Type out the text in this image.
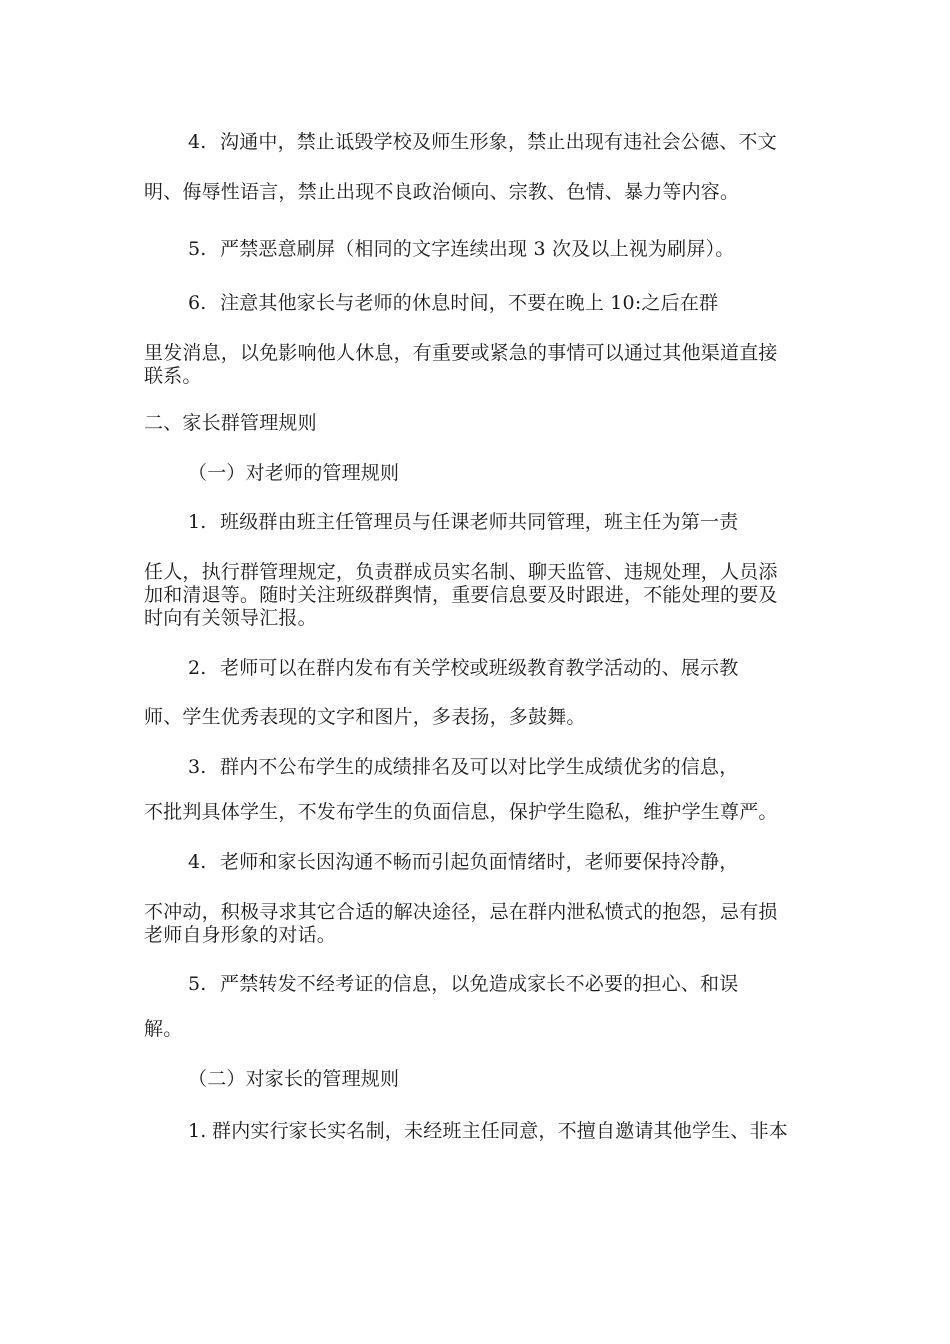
4. 沟通中，禁止诋毁学校及师生形象，禁止出现有违社会公德、不文
明、侮辱性语言，禁止出现不良政治倾向、宗教、色情、暴力等内容。
5. 严禁恶意刷屏（相同的文字连续出现 3 次及以上视为刷屏）。
6. 注意其他家长与老师的休息时间，不要在晚上 10:之后在群
里发消息，以免影响他人休息，有重要或紧急的事情可以通过其他渠道直接
联系。
二、家长群管理规则
（一）对老师的管理规则
1. 班级群由班主任管理员与任课老师共同管理，班主任为第一责
任人，执行群管理规定，负责群成员实名制、聊天监管、违规处理，人员添
加和清退等。随时关注班级群舆情，重要信息要及时跟进，不能处理的要及
时向有关领导汇报。
2. 老师可以在群内发布有关学校或班级教育教学活动的、展示教
师、学生优秀表现的文字和图片，多表扬，多鼓舞。
3. 群内不公布学生的成绩排名及可以对比学生成绩优劣的信息，
不批判具体学生，不发布学生的负面信息，保护学生隐私，维护学生尊严。
4. 老师和家长因沟通不畅而引起负面情绪时，老师要保持冷静，
不冲动，积极寻求其它合适的解决途径，忌在群内泄私愤式的抱怨，忌有损
老师自身形象的对话。
5. 严禁转发不经考证的信息，以免造成家长不必要的担心、和误
解。
（二）对家长的管理规则
1. 群内实行家长实名制，未经班主任同意，不擅自邀请其他学生、非本
